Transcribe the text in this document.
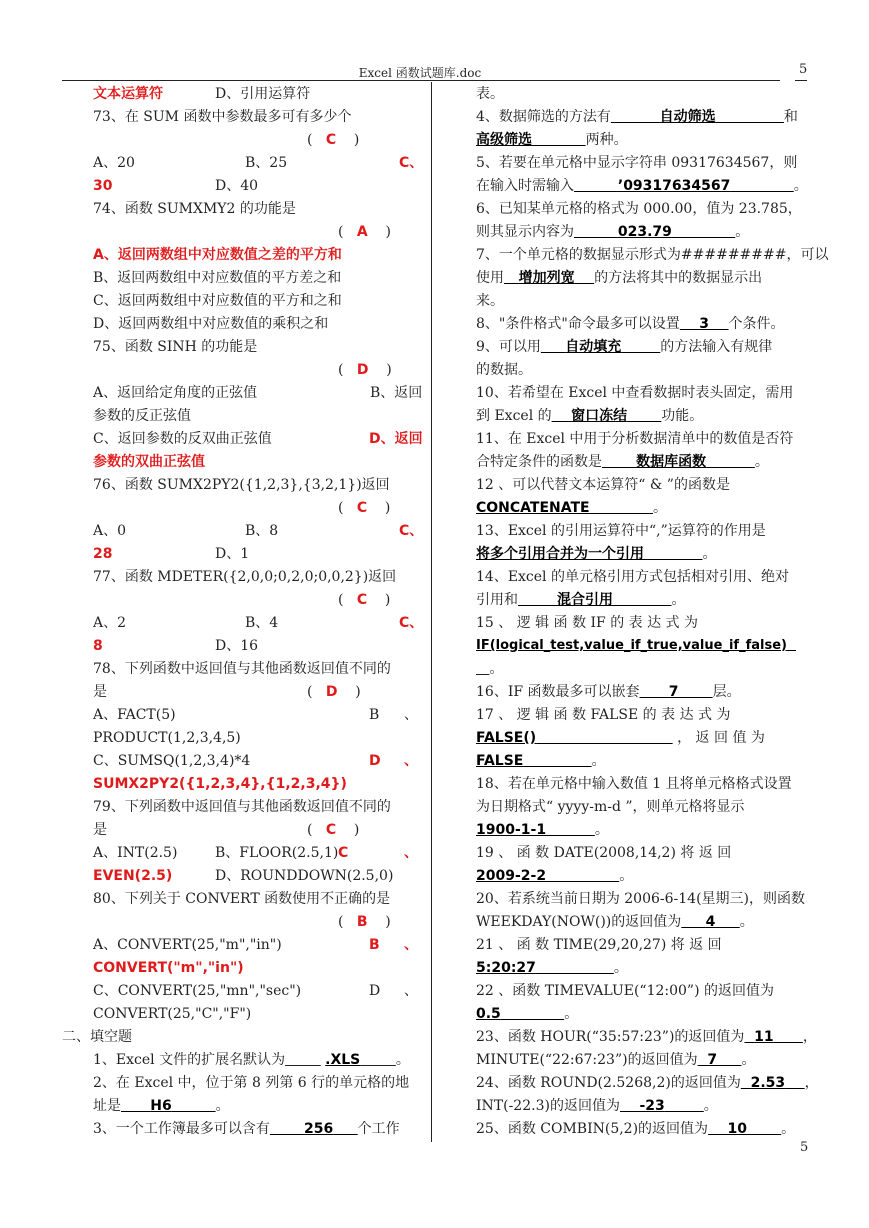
Excel 函数试题库.doc	5
5
文本运算符	D、引用运算符
73、在 SUM 函数中参数最多可有多少个
(   C    )
A、20	B、25	C、
30	D、40
74、函数 SUMXMY2 的功能是
(   A    )
A、返回两数组中对应数值之差的平方和
B、返回两数组中对应数值的平方差之和
C、返回两数组中对应数值的平方和之和
D、返回两数组中对应数值的乘积之和
75、函数 SINH 的功能是
(   D    )
A、返回给定角度的正弦值	B、返回
参数的反正弦值
C、返回参数的反双曲正弦值	D、返回
参数的双曲正弦值
76、函数 SUMX2PY2({1,2,3},{3,2,1})返回
(   C    )
A、0	B、8	C、
28	D、1
77、函数 MDETER({2,0,0;0,2,0;0,0,2})返回
(   C    )
A、2	B、4	C、
8	D、16
78、下列函数中返回值与其他函数返回值不同的
是	(   D    )
A、FACT(5)	B 、
PRODUCT(1,2,3,4,5)
C、SUMSQ(1,2,3,4)*4	D 、
SUMX2PY2({1,2,3,4},{1,2,3,4})
79、下列函数中返回值与其他函数返回值不同的
是	(   C    )
A、INT(2.5)	B、FLOOR(2.5,1) C	、
EVEN(2.5)	D、ROUNDDOWN(2.5,0)
80、下列关于 CONVERT 函数使用不正确的是
(   B    )
A、CONVERT(25,"m","in")	B 、
CONVERT("m","in")
C、CONVERT(25,"mn","sec")	D 、
CONVERT(25,"C","F")
二、填空题
1、Excel 文件的扩展名默认为	.XLS	。
2、在 Excel 中，位于第 8 列第 6 行的单元格的地
址是 H6	。
3、一个工作簿最多可以含有 256 个工作
表。
4、数据筛选的方法有	自动筛选	和
高级筛选	两种。
5、若要在单元格中显示字符串 09317634567，则
在输入时需输入	’09317634567	。
6、已知某单元格的格式为 000.00，值为 23.785，
则其显示内容为	023.79	。
7、一个单元格的数据显示形式为#########，可以
使用 增加列宽 的方法将其中的数据显示出
来。
8、"条件格式"命令最多可以设置 3 个条件。
9、可以用 自动填充	的方法输入有规律
的数据。
10、若希望在 Excel 中查看数据时表头固定，需用
到 Excel 的 窗口冻结 功能。
11、在 Excel 中用于分析数据清单中的数值是否符
合特定条件的函数是 数据库函数	。
12 、可以代替文本运算符“ & ”的函数是
CONCATENATE	。
13、Excel 的引用运算符中“,”运算符的作用是
将多个引用合并为一个引用	。
14、Excel 的单元格引用方式包括相对引用、绝对
引用和	混合引用	。
15 、 逻 辑 函 数 IF 的 表 达 式 为
IF(logical_test,value_if_true,value_if_false)
。
16、IF 函数最多可以嵌套 7 层。
17 、 逻 辑 函 数 FALSE 的 表 达 式 为
FALSE()	， 返 回 值 为
FALSE	。
18、若在单元格中输入数值 1 且将单元格格式设置
为日期格式“ yyyy-m-d ”，则单元格将显示
1900-1-1	。
19 、 函 数 DATE(2008,14,2) 将 返 回
2009-2-2	。
20、若系统当前日期为 2006-6-14(星期三)，则函数
WEEKDAY(NOW())的返回值为 4 。
21 、 函 数 TIME(29,20,27) 将 返 回
5:20:27	。
22 、函数 TIMEVALUE(“12:00”) 的返回值为
0.5	。
23、函数 HOUR(“35:57:23”)的返回值为 11 ，
MINUTE(“22:67:23”)的返回值为 7 。
24、函数 ROUND(2.5268,2)的返回值为 2.53 ，
INT(-22.3)的返回值为 -23	。
25、函数 COMBIN(5,2)的返回值为 10 。
